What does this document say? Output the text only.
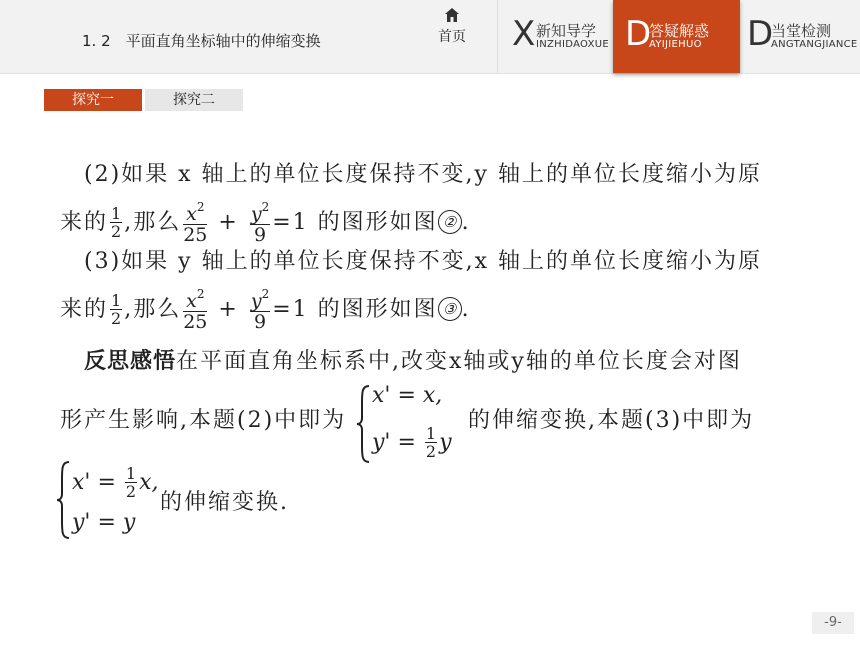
1. 2　平面直角坐标轴中的伸缩变换	首页	X 新知导学
INZHIDAOXUE D
答疑解惑
AYIJIEHUO D
当堂检测
ANGTANGJIANCE
探究一	探究二
(2)如果 x 轴上的单位长度保持不变,y 轴上的单位长度缩小为原
来的 $\frac{1}{2}$ ,那么 $\frac{x^2}{25} + \frac{y^2}{9} =1$ 的图形如图 ② .
(3)如果 y 轴上的单位长度保持不变,x 轴上的单位长度缩小为原
来的 $\frac{1}{2}$ ,那么 $\frac{x^2}{25} + \frac{y^2}{9} =1$ 的图形如图 ③ .
反思感悟在平面直角坐标系中,改变x轴或y轴的单位长度会对图
形产生影响,本题(2)中即为
x' = x,
$y' = \frac{1}{2}$ y
的伸缩变换,本题(3)中即为
$x' = \frac{1}{2} x$,
y' = y
的伸缩变换.
-9-
